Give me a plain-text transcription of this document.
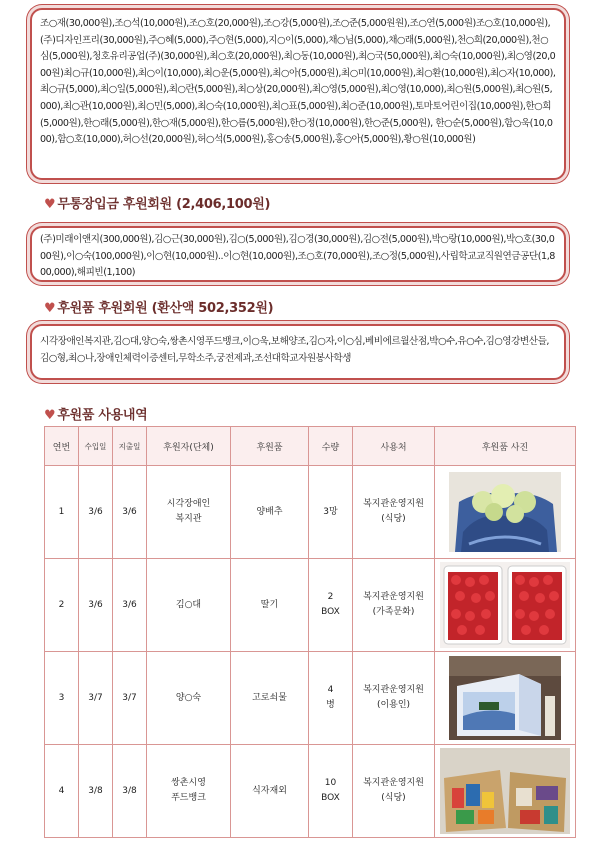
조○재(30,000원),조○석(10,000원),조○호(20,000원),조○강(5,000원),조○준(5,000원원),조○연(5,000원)조○호(10,000원),(주)디자인프리(30,000원),주○혜(5,000),주○현(5,000),지○이(5,000),채○님(5,000),채○래(5,000원),천○희(20,000원),천○심(5,000원),청호유리공업(주)(30,000원),최○호(20,000원),최○동(10,000원),최○국(50,000원),최○숙(10,000원),최○영(20,000원)최○규(10,000원),최○이(10,000),최○운(5,000원),최○아(5,000원),최○미(10,000원),최○환(10,000원),최○자(10,000),최○규(5,000),최○일(5,000원),최○란(5,000원),최○상(20,000원),최○영(5,000원),최○영(10,000),최○원(5,000원),최○원(5,000),최○관(10,000원),최○민(5,000),최○숙(10,000원),최○표(5,000원),최○준(10,000원),토마토어린이집(10,000원),한○희(5,000원),한○래(5,000원),한○재(5,000원),한○름(5,000원),한○정(10,000원),한○준(5,000원), 한○순(5,000원),함○욱(10,000),함○호(10,000),허○선(20,000원),허○석(5,000원),홍○송(5,000원),홍○아(5,000원),황○원(10,000원)

♥ 무통장입금 후원회원 (2,406,100원)

(주)미래이앤지(300,000원),김○근(30,000원),김○(5,000원),김○경(30,000원),김○전(5,000원),박○랑(10,000원),박○호(30,000원),이○숙(100,000원),이○현(10,000원)..이○현(10,000원),조○호(70,000원),조○정(5,000원),사립학교교직원연금공단(1,800,000),해피빈(1,100)

♥ 후원품 후원회원 (환산액 502,352원)

시각장애인복지관,김○대,양○숙,쌍촌시영푸드뱅크,이○욱,보해양조,김○자,이○심,베비에르월산점,박○수,유○수,김○영강변산들,김○형,최○나,장애인체력이증센터,무학소주,궁전제과,조선대학교자원봉사학생

♥ 후원품 사용내역
연번	수입일	지출일	후원자(단체)	후원품	수량	사용처	후원품 사진
1	3/6	3/6	시각장애인
복지관	양배추	3망	복지관운영지원
(식당)	

2	3/6	3/6	김○대	딸기	2
BOX	복지관운영지원
(가족문화)	

3	3/7	3/7	양○숙	고로쇠물	4
병	복지관운영지원
(이용인)	

4	3/8	3/8	쌍촌시영
푸드뱅크	식자재외	10
BOX	복지관운영지원
(식당)	
